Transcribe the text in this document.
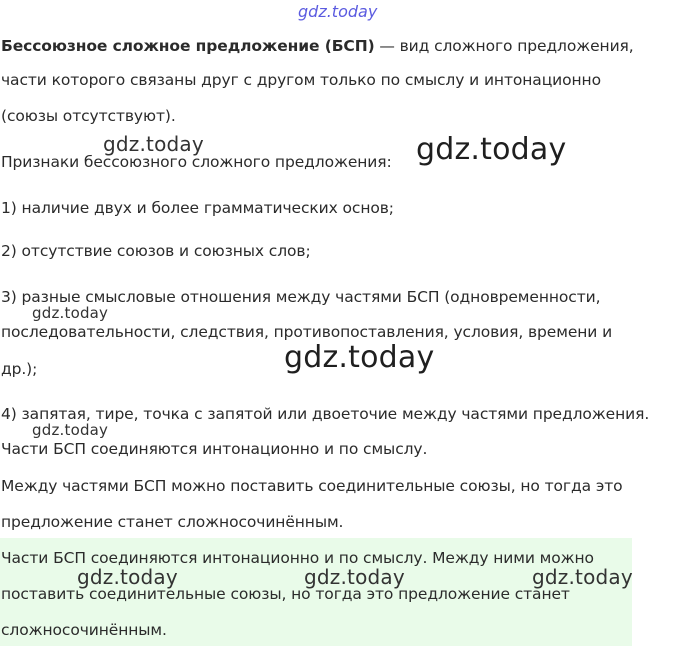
gdz.today

Бессоюзное сложное предложение (БСП) — вид сложного предложения,

части которого связаны друг с другом только по смыслу и интонационно

(союзы отсутствуют).

gdz.today

Признаки бессоюзного сложного предложения: gdz.today

1) наличие двух и более грамматических основ;

2) отсутствие союзов и союзных слов;

3) разные смысловые отношения между частями БСП (одновременности,

gdz.today

последовательности, следствия, противопоставления, условия, времени и

gdz.today

др.);

4) запятая, тире, точка с запятой или двоеточие между частями предложения.

gdz.today

Части БСП соединяются интонационно и по смыслу.

Между частями БСП можно поставить соединительные союзы, но тогда это

предложение станет сложносочинённым.

Части БСП соединяются интонационно и по смыслу. Между ними можно

gdz.today	gdz.today	gdz.today

поставить соединительные союзы, но тогда это предложение станет

сложносочинённым.
